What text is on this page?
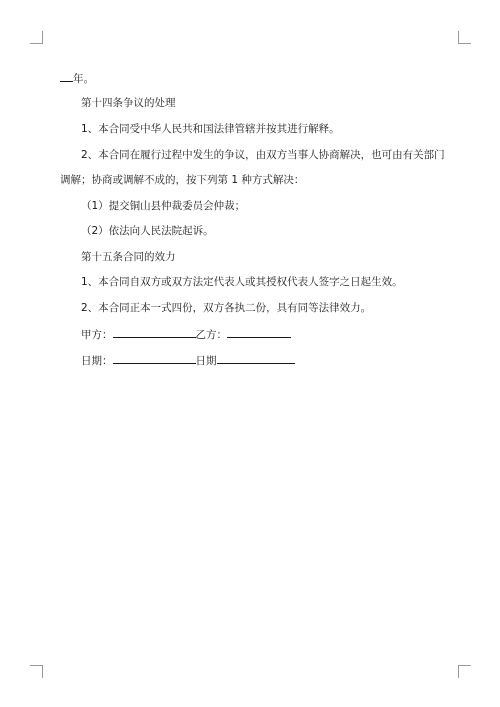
年。
第十四条争议的处理
1、本合同受中华人民共和国法律管辖并按其进行解释。
2、本合同在履行过程中发生的争议，由双方当事人协商解决，也可由有关部门
调解；协商或调解不成的，按下列第 1 种方式解决：
（1）提交铜山县仲裁委员会仲裁；
（2）依法向人民法院起诉。
第十五条合同的效力
1、本合同自双方或双方法定代表人或其授权代表人签字之日起生效。
2、本合同正本一式四份，双方各执二份，具有同等法律效力。
甲方：	乙方：
日期：	日期
